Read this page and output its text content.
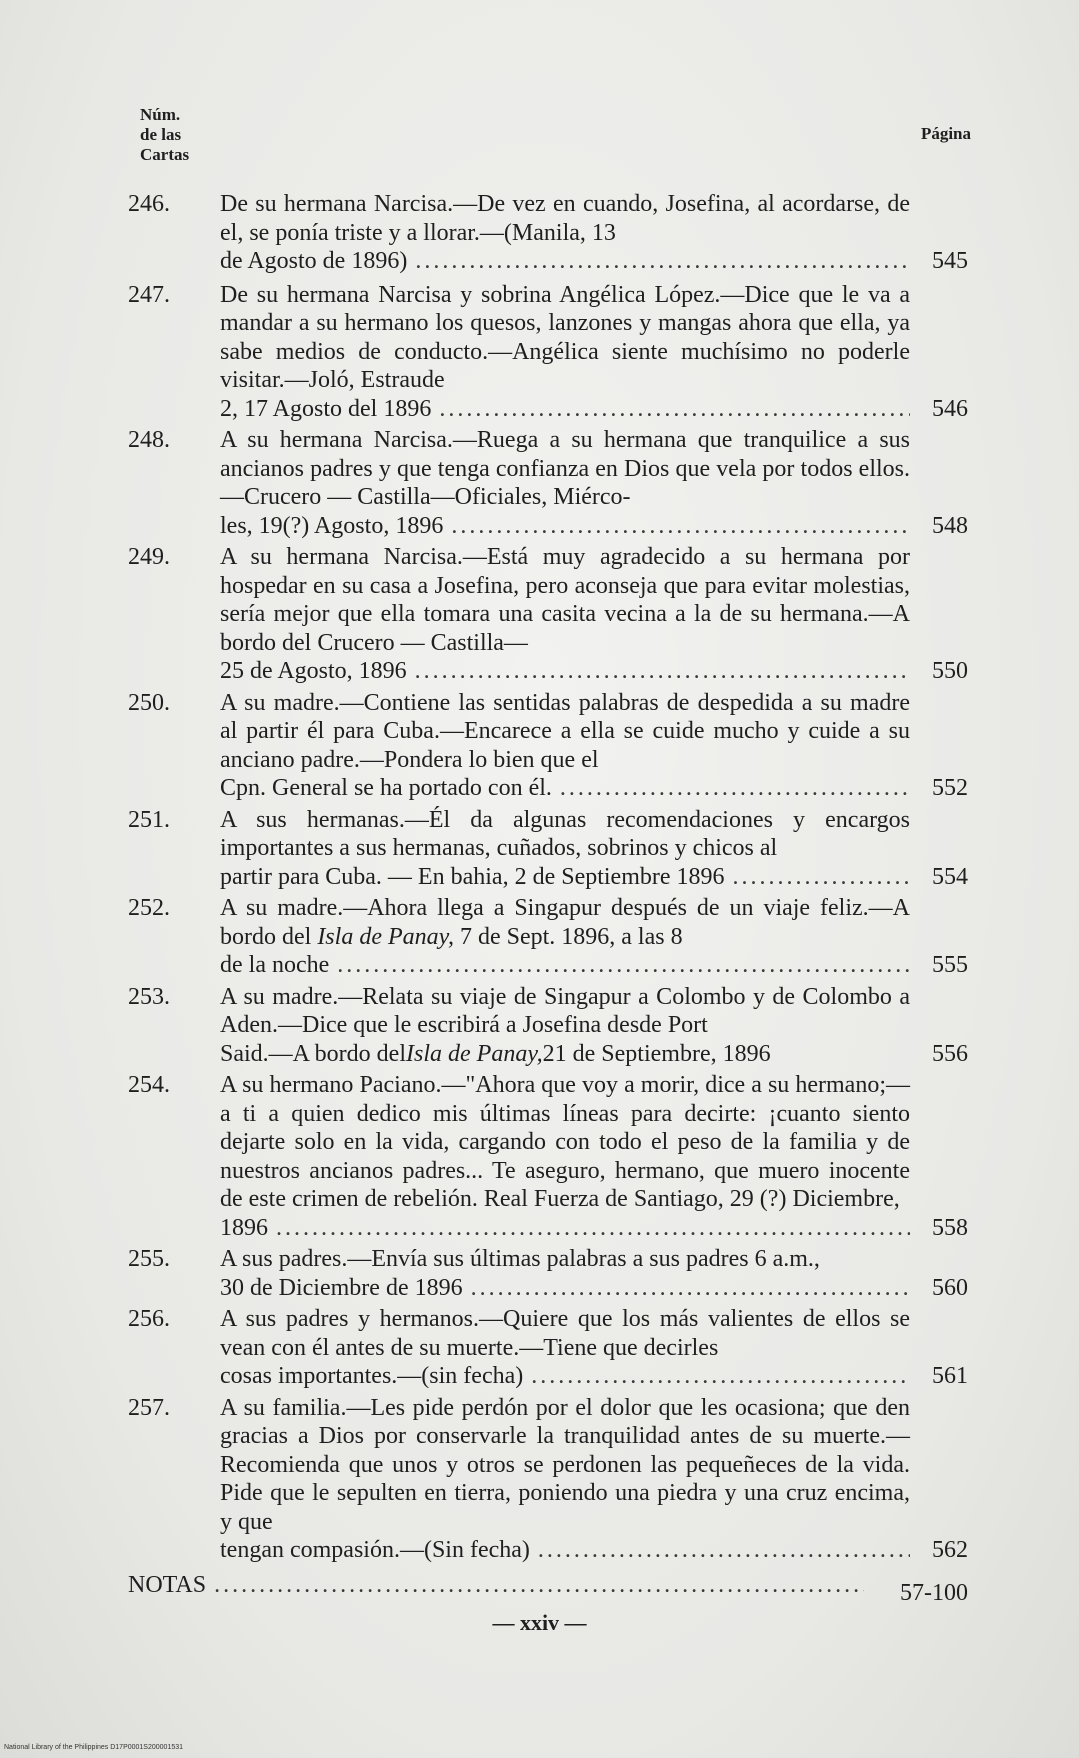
Núm.
de las
Cartas
Página
246.	De su hermana Narcisa.—De vez en cuando, Josefina, al acordarse, de el, se ponía triste y a llorar.—(Manila, 13
de Agosto de 1896) .....	545
247.	De su hermana Narcisa y sobrina Angélica López.—Dice que le va a mandar a su hermano los quesos, lanzones y mangas ahora que ella, ya sabe medios de conducto.—Angélica siente muchísimo no poderle visitar.—Joló, Estraude
2, 17 Agosto del 1896 .....	546
248.	A su hermana Narcisa.—Ruega a su hermana que tranquilice a sus ancianos padres y que tenga confianza en Dios que vela por todos ellos.—Crucero — Castilla—Oficiales, Miérco-
les, 19(?) Agosto, 1896 .....	548
249.	A su hermana Narcisa.—Está muy agradecido a su hermana por hospedar en su casa a Josefina, pero aconseja que para evitar molestias, sería mejor que ella tomara una casita vecina a la de su hermana.—A bordo del Crucero — Castilla—
25 de Agosto, 1896 .....	550
250.	A su madre.—Contiene las sentidas palabras de despedida a su madre al partir él para Cuba.—Encarece a ella se cuide mucho y cuide a su anciano padre.—Pondera lo bien que el
Cpn. General se ha portado con él. .....	552
251.	A sus hermanas.—Él da algunas recomendaciones y encargos importantes a sus hermanas, cuñados, sobrinos y chicos al
partir para Cuba. — En bahia, 2 de Septiembre 1896 .....	554
252.	A su madre.—Ahora llega a Singapur después de un viaje feliz.—A bordo del Isla de Panay, 7 de Sept. 1896, a las 8
de la noche .....	555
253.	A su madre.—Relata su viaje de Singapur a Colombo y de Colombo a Aden.—Dice que le escribirá a Josefina desde Port
Said.—A bordo del Isla de Panay, 21 de Septiembre, 1896	556
254.	A su hermano Paciano.—"Ahora que voy a morir, dice a su hermano;—a ti a quien dedico mis últimas líneas para decirte: ¡cuanto siento dejarte solo en la vida, cargando con todo el peso de la familia y de nuestros ancianos padres... Te aseguro, hermano, que muero inocente de este crimen de rebelión. Real Fuerza de Santiago, 29 (?) Diciembre,
1896 .....	558
255.	A sus padres.—Envía sus últimas palabras a sus padres 6 a.m.,
30 de Diciembre de 1896 .....	560
256.	A sus padres y hermanos.—Quiere que los más valientes de ellos se vean con él antes de su muerte.—Tiene que decirles
cosas importantes.—(sin fecha) .....	561
257.	A su familia.—Les pide perdón por el dolor que les ocasiona; que den gracias a Dios por conservarle la tranquilidad antes de su muerte.—Recomienda que unos y otros se perdonen las pequeñeces de la vida. Pide que le sepulten en tierra, poniendo una piedra y una cruz encima, y que
tengan compasión.—(Sin fecha) .....	562
NOTAS .....	57-100
— xxiv —
National Library of the Philippines D17P0001S200001531
